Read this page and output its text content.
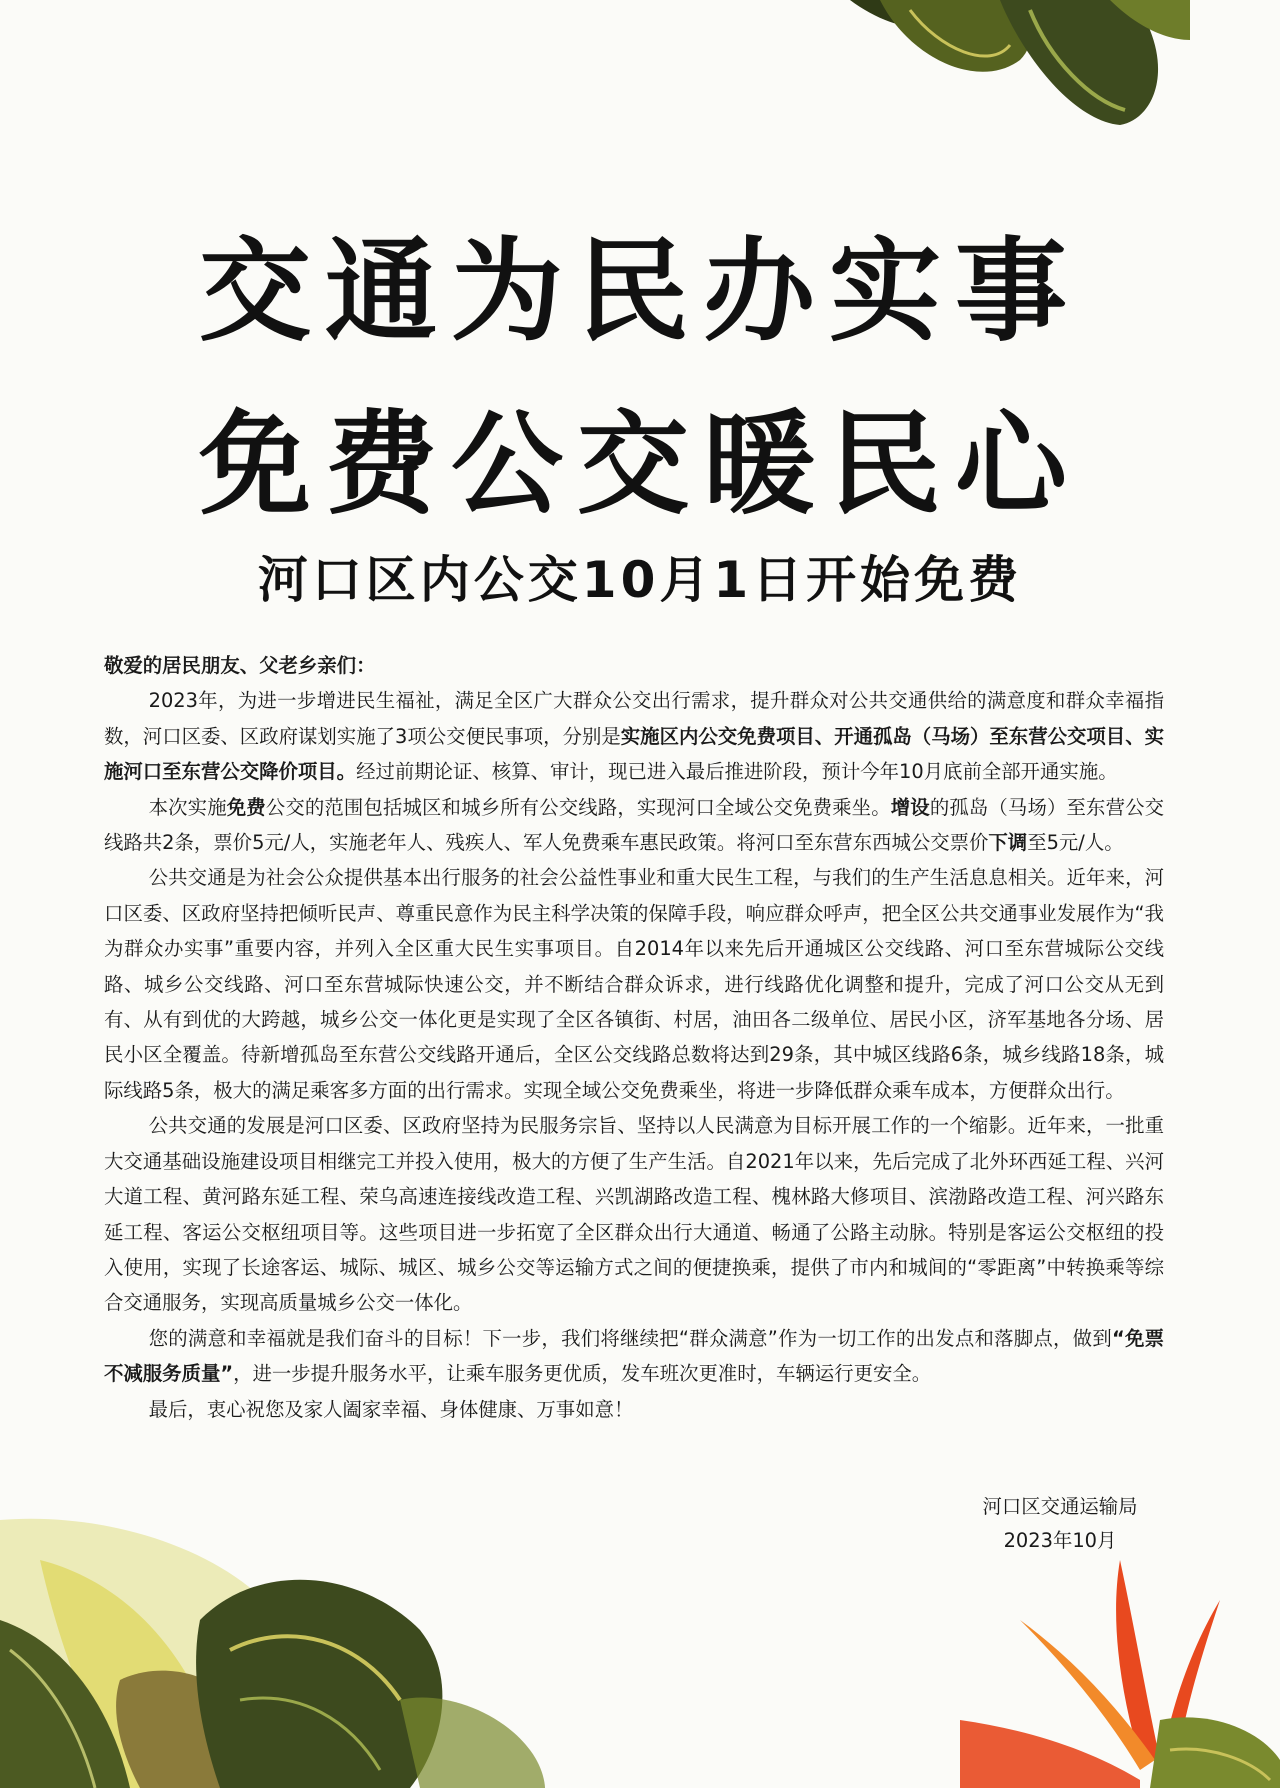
交通为民办实事
免费公交暖民心
河口区内公交10月1日开始免费

敬爱的居民朋友、父老乡亲们：

2023年，为进一步增进民生福祉，满足全区广大群众公交出行需求，提升群众对公共交通供给的满意度和群众幸福指数，河口区委、区政府谋划实施了3项公交便民事项，分别是实施区内公交免费项目、开通孤岛（马场）至东营公交项目、实施河口至东营公交降价项目。经过前期论证、核算、审计，现已进入最后推进阶段，预计今年10月底前全部开通实施。

本次实施免费公交的范围包括城区和城乡所有公交线路，实现河口全域公交免费乘坐。增设的孤岛（马场）至东营公交线路共2条，票价5元/人，实施老年人、残疾人、军人免费乘车惠民政策。将河口至东营东西城公交票价下调至5元/人。

公共交通是为社会公众提供基本出行服务的社会公益性事业和重大民生工程，与我们的生产生活息息相关。近年来，河口区委、区政府坚持把倾听民声、尊重民意作为民主科学决策的保障手段，响应群众呼声，把全区公共交通事业发展作为“我为群众办实事”重要内容，并列入全区重大民生实事项目。自2014年以来先后开通城区公交线路、河口至东营城际公交线路、城乡公交线路、河口至东营城际快速公交，并不断结合群众诉求，进行线路优化调整和提升，完成了河口公交从无到有、从有到优的大跨越，城乡公交一体化更是实现了全区各镇街、村居，油田各二级单位、居民小区，济军基地各分场、居民小区全覆盖。待新增孤岛至东营公交线路开通后，全区公交线路总数将达到29条，其中城区线路6条，城乡线路18条，城际线路5条，极大的满足乘客多方面的出行需求。实现全域公交免费乘坐，将进一步降低群众乘车成本，方便群众出行。

公共交通的发展是河口区委、区政府坚持为民服务宗旨、坚持以人民满意为目标开展工作的一个缩影。近年来，一批重大交通基础设施建设项目相继完工并投入使用，极大的方便了生产生活。自2021年以来，先后完成了北外环西延工程、兴河大道工程、黄河路东延工程、荣乌高速连接线改造工程、兴凯湖路改造工程、槐林路大修项目、滨渤路改造工程、河兴路东延工程、客运公交枢纽项目等。这些项目进一步拓宽了全区群众出行大通道、畅通了公路主动脉。特别是客运公交枢纽的投入使用，实现了长途客运、城际、城区、城乡公交等运输方式之间的便捷换乘，提供了市内和城间的“零距离”中转换乘等综合交通服务，实现高质量城乡公交一体化。

您的满意和幸福就是我们奋斗的目标！下一步，我们将继续把“群众满意”作为一切工作的出发点和落脚点，做到“免票不减服务质量”，进一步提升服务水平，让乘车服务更优质，发车班次更准时，车辆运行更安全。

最后，衷心祝您及家人阖家幸福、身体健康、万事如意！

河口区交通运输局
2023年10月
